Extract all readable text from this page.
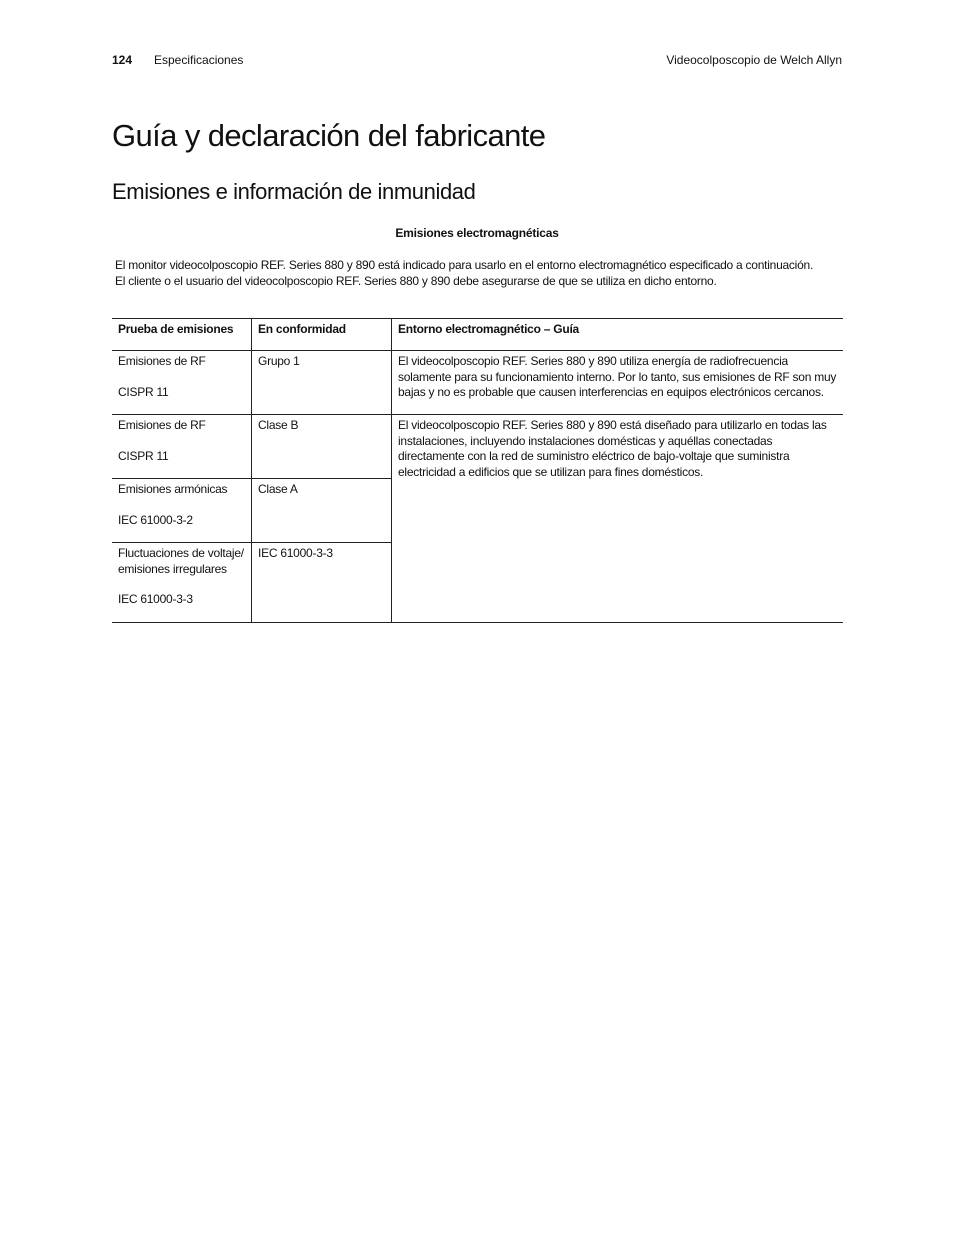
124 Especificaciones	Videocolposcopio de Welch Allyn
Guía y declaración del fabricante
Emisiones e información de inmunidad
Emisiones electromagnéticas

El monitor videocolposcopio REF. Series 880 y 890 está indicado para usarlo en el entorno electromagnético especificado a continuación.

El cliente o el usuario del videocolposcopio REF. Series 880 y 890 debe asegurarse de que se utiliza en dicho entorno.

Prueba de emisiones	En conformidad	Entorno electromagnético – Guía
Emisiones de RF
CISPR 11	Grupo 1	El videocolposcopio REF. Series 880 y 890 utiliza energía de radiofrecuencia solamente para su funcionamiento interno. Por lo tanto, sus emisiones de RF son muy bajas y no es probable que causen interferencias en equipos electrónicos cercanos.
Emisiones de RF
CISPR 11	Clase B	El videocolposcopio REF. Series 880 y 890 está diseñado para utilizarlo en todas las instalaciones, incluyendo instalaciones domésticas y aquéllas conectadas directamente con la red de suministro eléctrico de bajo-voltaje que suministra electricidad a edificios que se utilizan para fines domésticos.
Emisiones armónicas
IEC 61000-3-2	Clase A	
Fluctuaciones de voltaje/ emisiones irregulares
IEC 61000-3-3	IEC 61000-3-3	
